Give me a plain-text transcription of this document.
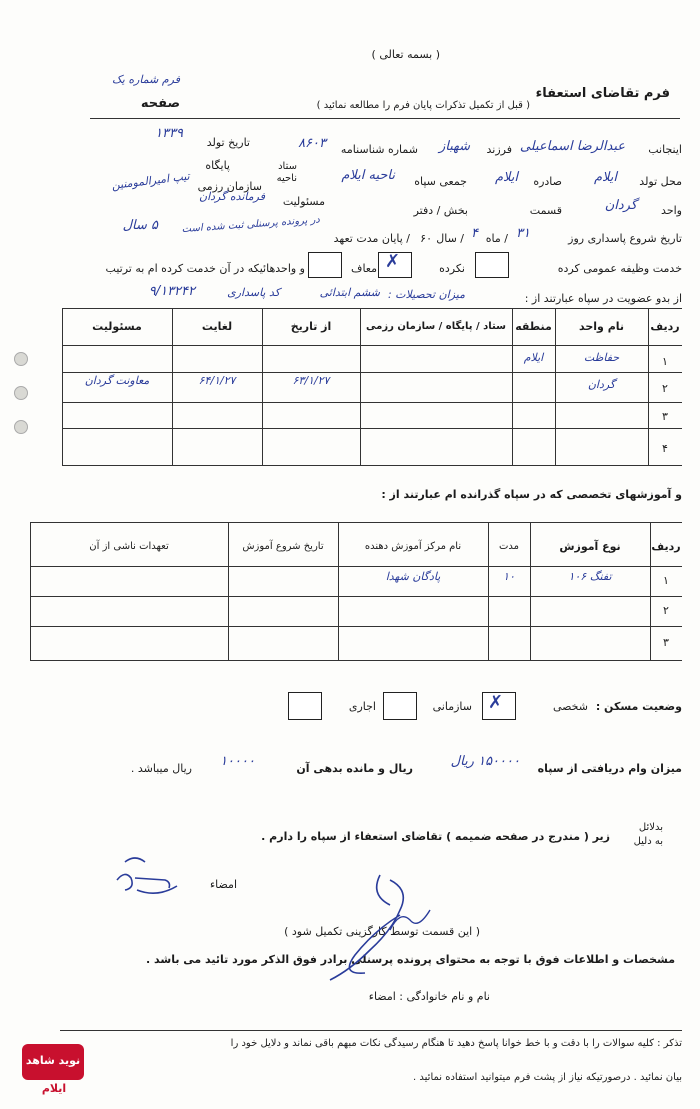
( بسمه تعالی )
فرم شماره یک
صفحه
فرم تقاضای استعفاء
( قبل از تکمیل تذکرات پایان فرم را مطالعه نمائید )
اینجانب
عبدالرضا اسماعیلی
فرزند
شهباز
شماره شناسنامه
۸۶۰۳
تاریخ تولد
۱۳۳۹
محل تولد
ایلام
صادره
ایلام
جمعی سپاه
ناحیه ایلام
ستاد
ناحیه
پایگاه
سازمان رزمی
تیپ امیرالمومنین
واحد
گردان
قسمت
بخش / دفتر
مسئولیت
فرمانده گردان
تاریخ شروع پاسداری روز
۳۱
/ ماه
۴
/ سال
۶۰
/ پایان مدت تعهد
در پرونده پرسنلی ثبت شده است
۵ سال
خدمت وظیفه عمومی کرده
نکرده
✗
معاف
و واحدهائیکه در آن خدمت کرده ام به ترتیب
از بدو عضویت در سپاه عبارتند از :
میزان تحصیلات :
ششم ابتدائی
کد پاسداری
۹/۱۳۲۴۲
ردیف
نام واحد
منطقه
ستاد / پایگاه / سازمان رزمی
از تاریخ
لغایت
مسئولیت
۱
حفاظت
ایلام
۲
گردان
۶۳/۱/۲۷
۶۴/۱/۲۷
معاونت گردان
۳
۴
و آموزشهای تخصصی که در سپاه گذرانده ام عبارتند از :
ردیف
نوع آموزش
مدت
نام مرکز آموزش دهنده
تاریخ شروع آموزش
تعهدات ناشی از آن
۱
تفنگ ۱۰۶
۱۰
پادگان شهدا
۲
۳
وضعیت مسکن :
شخصی
✗
سازمانی
اجاری
میزان وام دریافتی از سپاه
۱۵۰۰۰۰ ریال
ریال و مانده بدهی آن
۱۰۰۰۰
ریال میباشد .
بدلائل
به دلیل
زیر ( مندرج در صفحه ضمیمه ) تقاضای استعفاء از سپاه را دارم .
امضاء
( این قسمت توسط کارگزینی تکمیل شود )
مشخصات و اطلاعات فوق با توجه به محتوای پرونده پرسنلی برادر فوق الذکر مورد تائید می باشد .
نام و نام خانوادگی : امضاء
تذکر : کلیه سوالات را با دقت و با خط خوانا پاسخ دهید تا هنگام رسیدگی نکات مبهم باقی نماند و دلایل خود را
بیان نمائید . درصورتیکه نیاز از پشت فرم میتوانید استفاده نمائید .
نوید شاهد
ایلام
